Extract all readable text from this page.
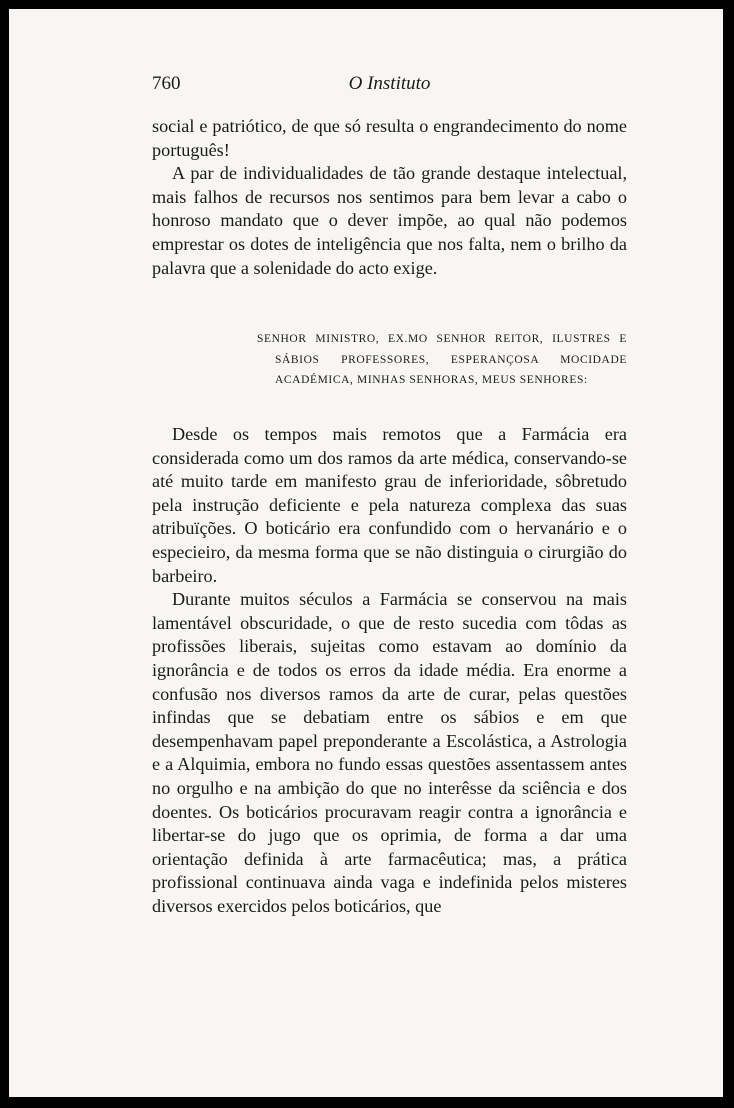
760	O Instituto

social e patriótico, de que só resulta o engrandecimento do nome português!

A par de individualidades de tão grande destaque intelectual, mais falhos de recursos nos sentimos para bem levar a cabo o honroso mandato que o dever impõe, ao qual não podemos emprestar os dotes de inteligência que nos falta, nem o brilho da palavra que a solenidade do acto exige.

SENHOR MINISTRO, EX.MO SENHOR REITOR, ILUSTRES E SÁBIOS PROFESSORES, ESPERANÇOSA MOCIDADE ACADÉMICA, MINHAS SENHORAS, MEUS SENHORES:

Desde os tempos mais remotos que a Farmácia era considerada como um dos ramos da arte médica, conservando-se até muito tarde em manifesto grau de inferioridade, sôbretudo pela instrução deficiente e pela natureza complexa das suas atribuïções. O boticário era confundido com o hervanário e o especieiro, da mesma forma que se não distinguia o cirurgião do barbeiro.

Durante muitos séculos a Farmácia se conservou na mais lamentável obscuridade, o que de resto sucedia com tôdas as profissões liberais, sujeitas como estavam ao domínio da ignorância e de todos os erros da idade média. Era enorme a confusão nos diversos ramos da arte de curar, pelas questões infindas que se debatiam entre os sábios e em que desempenhavam papel preponderante a Escolástica, a Astrologia e a Alquimia, embora no fundo essas questões assentassem antes no orgulho e na ambição do que no interêsse da sciência e dos doentes. Os boticários procuravam reagir contra a ignorância e libertar-se do jugo que os oprimia, de forma a dar uma orientação definida à arte farmacêutica; mas, a prática profissional continuava ainda vaga e indefinida pelos misteres diversos exercidos pelos boticários, que
